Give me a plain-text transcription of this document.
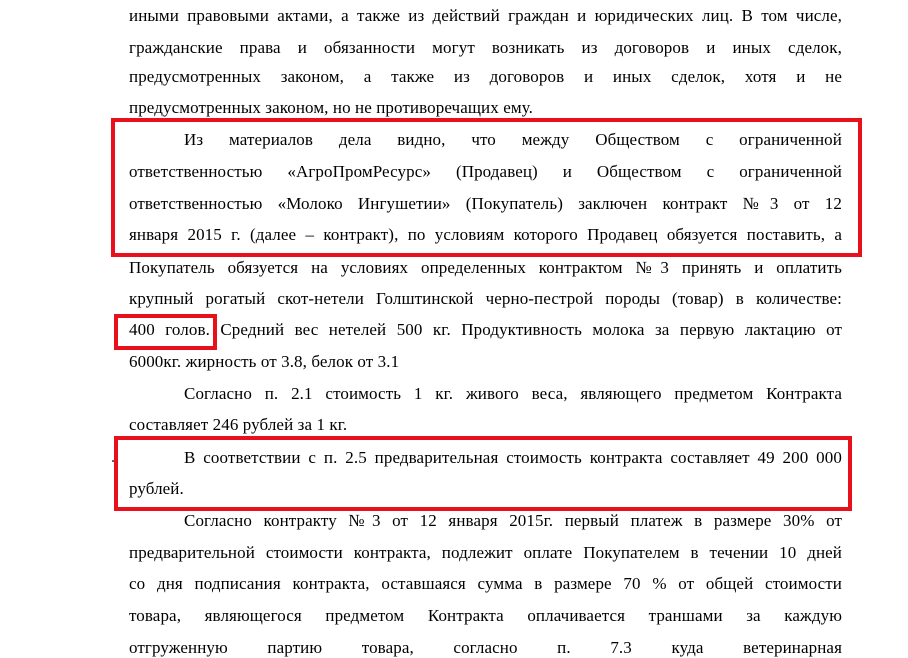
иными правовыми актами, а также из действий граждан и юридических лиц. В том числе,
гражданские права и обязанности могут возникать из договоров и иных сделок,
предусмотренных законом, а также из договоров и иных сделок, хотя и не
предусмотренных законом, но не противоречащих ему.
Из материалов дела видно, что между Обществом с ограниченной
ответственностью «АгроПромРесурс» (Продавец) и Обществом с ограниченной
ответственностью «Молоко Ингушетии» (Покупатель) заключен контракт №3 от 12
января 2015 г. (далее – контракт), по условиям которого Продавец обязуется поставить, а
Покупатель обязуется на условиях определенных контрактом №3 принять и оплатить
крупный рогатый скот-нетели Голштинской черно-пестрой породы (товар) в количестве:
400 голов. Средний вес нетелей 500 кг. Продуктивность молока за первую лактацию от
6000кг. жирность от 3.8, белок от 3.1
Согласно п. 2.1 стоимость 1 кг. живого веса, являющего предметом Контракта
составляет 246 рублей за 1 кг.
В соответствии с п. 2.5 предварительная стоимость контракта составляет 49 200 000
рублей.
Согласно контракту №3 от 12 января 2015г. первый платеж в размере 30% от
предварительной стоимости контракта, подлежит оплате Покупателем в течении 10 дней
со дня подписания контракта, оставшаяся сумма в размере 70 % от общей стоимости
товара, являющегося предметом Контракта оплачивается траншами за каждую
отгруженную партию товара, согласно п. 7.3 куда ветеринарная
